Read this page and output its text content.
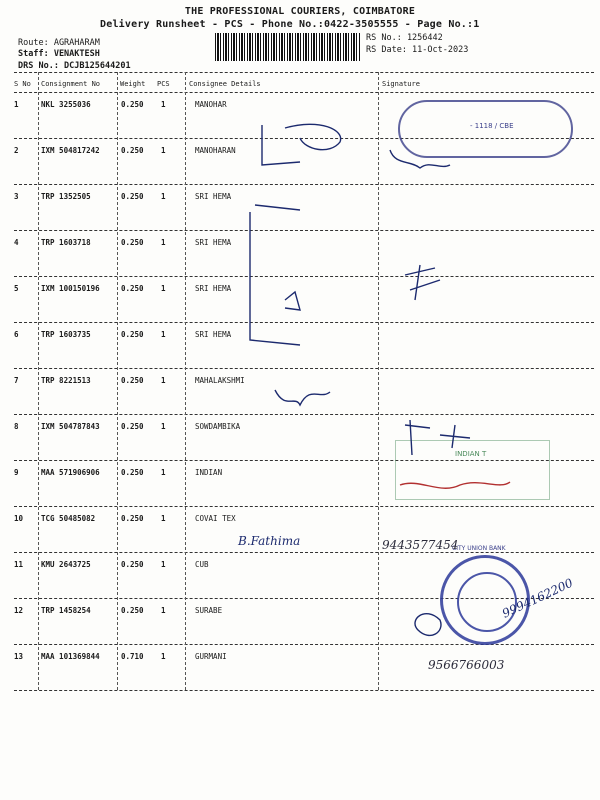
THE PROFESSIONAL COURIERS, COIMBATORE
Delivery Runsheet - PCS - Phone No.:0422-3505555 - Page No.:1
Route: AGRAHARAM
Staff: VENAKTESH
DRS No.: DCJB125644201
RS No.: 1256442
RS Date: 11-Oct-2023
S No Consignment No	Weight PCS	Consignee Details	Signature
1	NKL 3255036	0.250 1	MANOHAR
2	IXM 504817242	0.250 1	MANOHARAN
3	TRP 1352505	0.250 1	SRI HEMA
4	TRP 1603718	0.250 1	SRI HEMA
5	IXM 100150196	0.250 1	SRI HEMA
6	TRP 1603735	0.250 1	SRI HEMA
7	TRP 8221513	0.250 1	MAHALAKSHMI
8	IXM 504787843	0.250 1	SOWDAMBIKA
9	MAA 571906906	0.250 1	INDIAN
10 TCG 50485082	0.250 1	COVAI TEX
11 KMU 2643725	0.250 1	CUB
12 TRP 1458254	0.250 1	SURABE
13 MAA 101369844	0.710 1	GURMANI
- 1118 / CBE
INDIAN T
CITY UNION BANK
B.Fathima	9443577454
9994162200
9566766003
